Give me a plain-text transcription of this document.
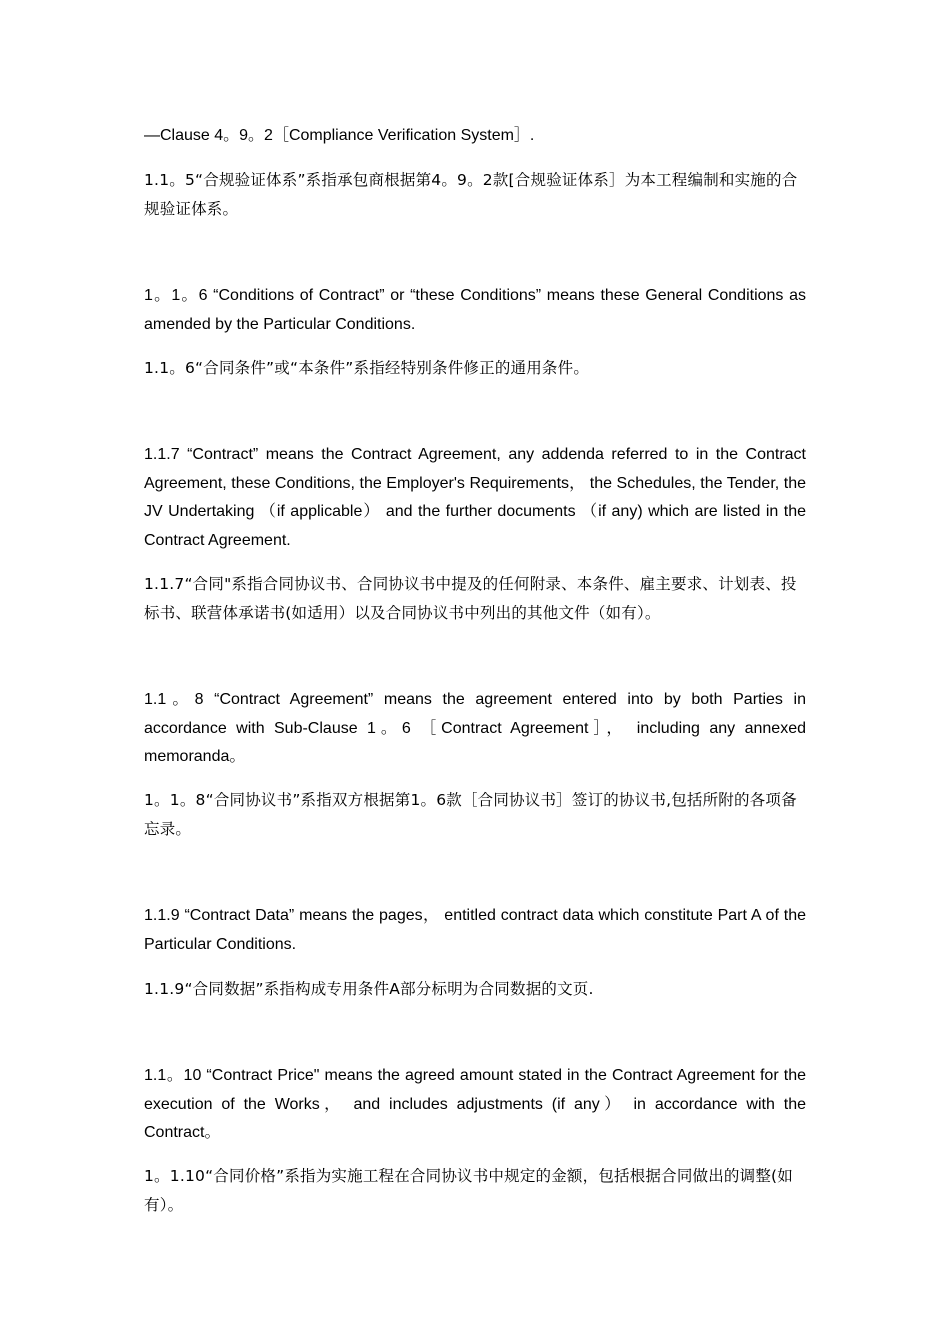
—Clause 4。9。2［Compliance Verification System］.

1.1。5“合规验证体系”系指承包商根据第4。9。2款[合规验证体系］为本工程编制和实施的合规验证体系。

1。1。6 “Conditions of Contract” or “these Conditions” means these General Conditions as amended by the Particular Conditions.

1.1。6“合同条件”或“本条件”系指经特别条件修正的通用条件。

1.1.7 “Contract” means the Contract Agreement, any addenda referred to in the Contract Agreement, these Conditions, the Employer's Requirements， the Schedules, the Tender, the JV Undertaking （if applicable） and the further documents （if any) which are listed in the Contract Agreement.

1.1.7“合同"系指合同协议书、合同协议书中提及的任何附录、本条件、雇主要求、计划表、投标书、联营体承诺书(如适用）以及合同协议书中列出的其他文件（如有）。

1.1。8 “Contract Agreement” means the agreement entered into by both Parties in accordance with Sub-Clause 1。6 ［Contract Agreement］， including any annexed memoranda。

1。1。8“合同协议书”系指双方根据第1。6款［合同协议书］签订的协议书,包括所附的各项备忘录。

1.1.9 “Contract Data” means the pages， entitled contract data which constitute Part A of the Particular Conditions.

1.1.9“合同数据”系指构成专用条件A部分标明为合同数据的文页.

1.1。10 “Contract Price" means the agreed amount stated in the Contract Agreement for the execution of the Works， and includes adjustments (if any） in accordance with the Contract。

1。1.10“合同价格”系指为实施工程在合同协议书中规定的金额，包括根据合同做出的调整(如有）。
